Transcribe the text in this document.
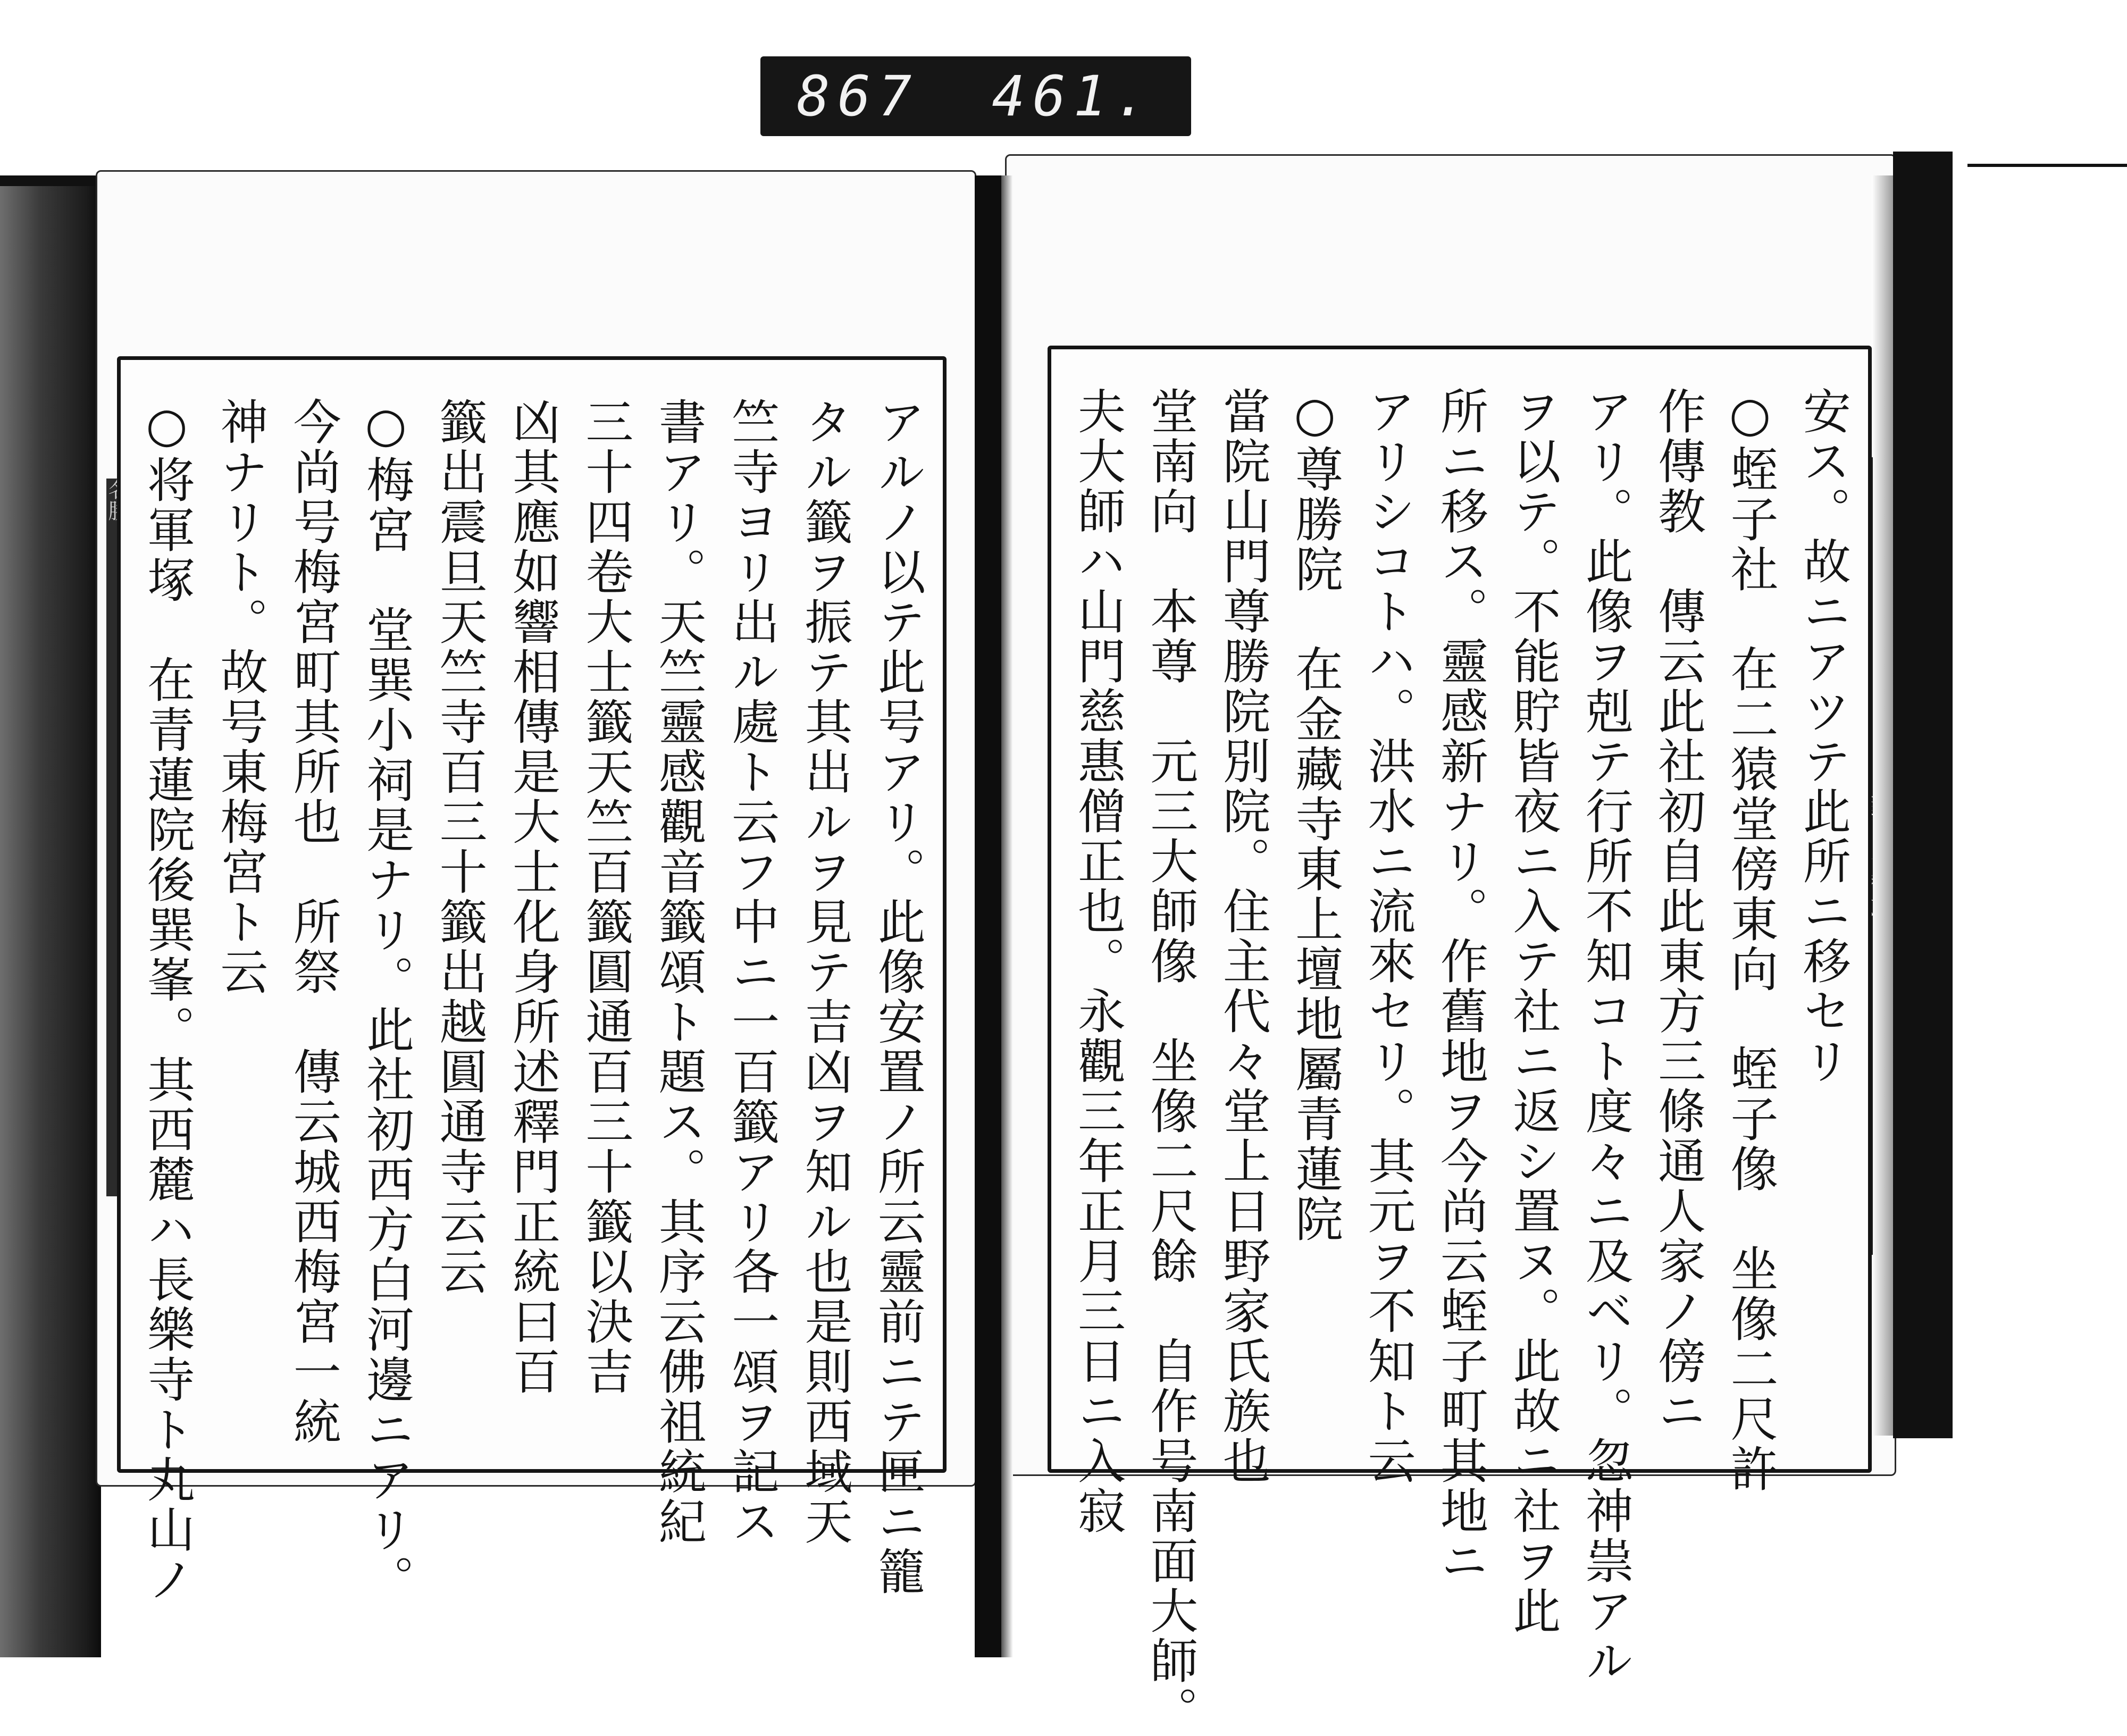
867 461.
安ス。故ニアツテ此所ニ移セリ
○蛭子社　在二猿堂傍東向　蛭子像　坐像二尺許
作傳教　傳云此社初自此東方三條通人家ノ傍ニ
アリ。此像ヲ剋テ行所不知コト度々ニ及ベリ。忽神祟アル
ヲ以テ。不能貯皆夜ニ入テ社ニ返シ置ヌ。此故ニ社ヲ此
所ニ移ス。靈感新ナリ。作舊地ヲ今尚云蛭子町其地ニ
アリシコトハ。洪水ニ流來セリ。其元ヲ不知ト云
○尊勝院　在金藏寺東上壇地屬青蓮院
當院山門尊勝院別院。住主代々堂上日野家氏族也
堂南向　本尊　元三大師像　坐像二尺餘　自作号南面大師。
夫大師ハ山門慈惠僧正也。永觀三年正月三日ニ入寂
アルノ以テ此号アリ。此像安置ノ所云靈前ニテ匣ニ籠
タル籤ヲ振テ其出ルヲ見テ吉凶ヲ知ル也是則西域天
竺寺ヨリ出ル處ト云フ中ニ一百籤アリ各一頌ヲ記ス
書アリ。天竺靈感觀音籤頌ト題ス。其序云佛祖統紀
三十四卷大士籤天竺百籤圓通百三十籤以決吉
凶其應如響相傳是大士化身所述釋門正統曰百
籤出震旦天竺寺百三十籤出越圓通寺云云
○梅宮　堂巽小祠是ナリ。此社初西方白河邊ニアリ。
今尚号梅宮町其所也　所祭　傳云城西梅宮一統
神ナリト。故号東梅宮ト云
○将軍塚　在青蓮院後巽峯。其西麓ハ長樂寺ト丸山ノ
